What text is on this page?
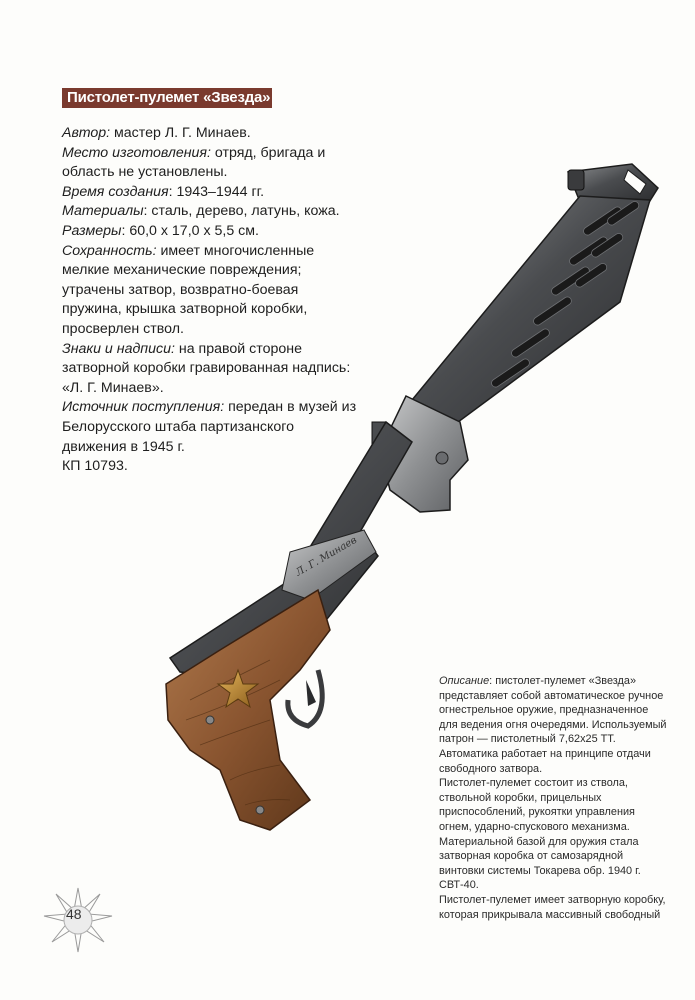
Пистолет-пулемет «Звезда»

Автор: мастер Л. Г. Минаев.

Место изготовления: отряд, бригада и область не установлены.

Время создания: 1943–1944 гг.

Материалы: сталь, дерево, латунь, кожа.

Размеры: 60,0 x 17,0 x 5,5 см.

Сохранность: имеет многочисленные мелкие механические повреждения; утрачены затвор, возвратно-боевая пружина, крышка затворной коробки, просверлен ствол.

Знаки и надписи: на правой стороне затворной коробки гравированная надпись:

«Л. Г. Минаев».

Источник поступления: передан в музей из Белорусского штаба партизанского движения в 1945 г.

КП 10793.

Л. Г. Минаев

Описание: пистолет-пулемет «Звезда» представляет собой автоматическое ручное огнестрельное оружие, предназначенное для ведения огня очередями. Используемый патрон — пистолетный 7,62х25 ТТ. Автоматика работает на принципе отдачи свободного затвора.

Пистолет-пулемет состоит из ствола, ствольной коробки, прицельных приспособлений, рукоятки управления огнем, ударно-спускового механизма.

Материальной базой для оружия стала затворная коробка от самозарядной винтовки системы Токарева обр. 1940 г. СВТ-40.

Пистолет-пулемет имеет затворную коробку, которая прикрывала массивный свободный

48
